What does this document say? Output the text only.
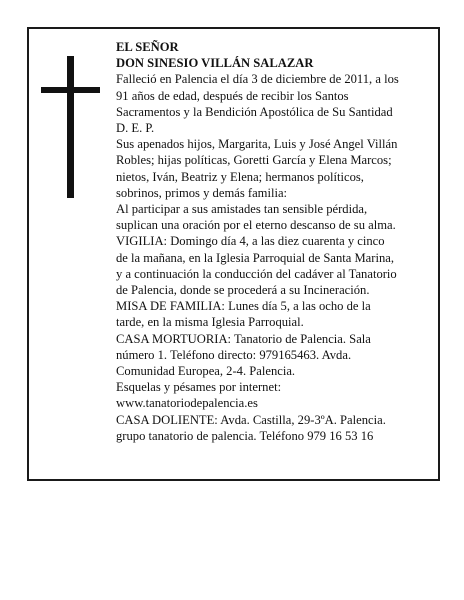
EL SEÑOR
DON SINESIO VILLÁN SALAZAR
Falleció en Palencia el día 3 de diciembre de 2011, a los
91 años de edad, después de recibir los Santos
Sacramentos y la Bendición Apostólica de Su Santidad
D. E. P.
Sus apenados hijos, Margarita, Luis y José Angel Villán
Robles; hijas políticas, Goretti García y Elena Marcos;
nietos, Iván, Beatriz y Elena; hermanos políticos,
sobrinos, primos y demás familia:
Al participar a sus amistades tan sensible pérdida,
suplican una oración por el eterno descanso de su alma.
VIGILIA: Domingo día 4, a las diez cuarenta y cinco
de la mañana, en la Iglesia Parroquial de Santa Marina,
y a continuación la conducción del cadáver al Tanatorio
de Palencia, donde se procederá a su Incineración.
MISA DE FAMILIA: Lunes día 5, a las ocho de la
tarde, en la misma Iglesia Parroquial.
CASA MORTUORIA: Tanatorio de Palencia. Sala
número 1. Teléfono directo: 979165463. Avda.
Comunidad Europea, 2-4. Palencia.
Esquelas y pésames por internet:
www.tanatoriodepalencia.es
CASA DOLIENTE: Avda. Castilla, 29-3ºA. Palencia.
grupo tanatorio de palencia. Teléfono 979 16 53 16
